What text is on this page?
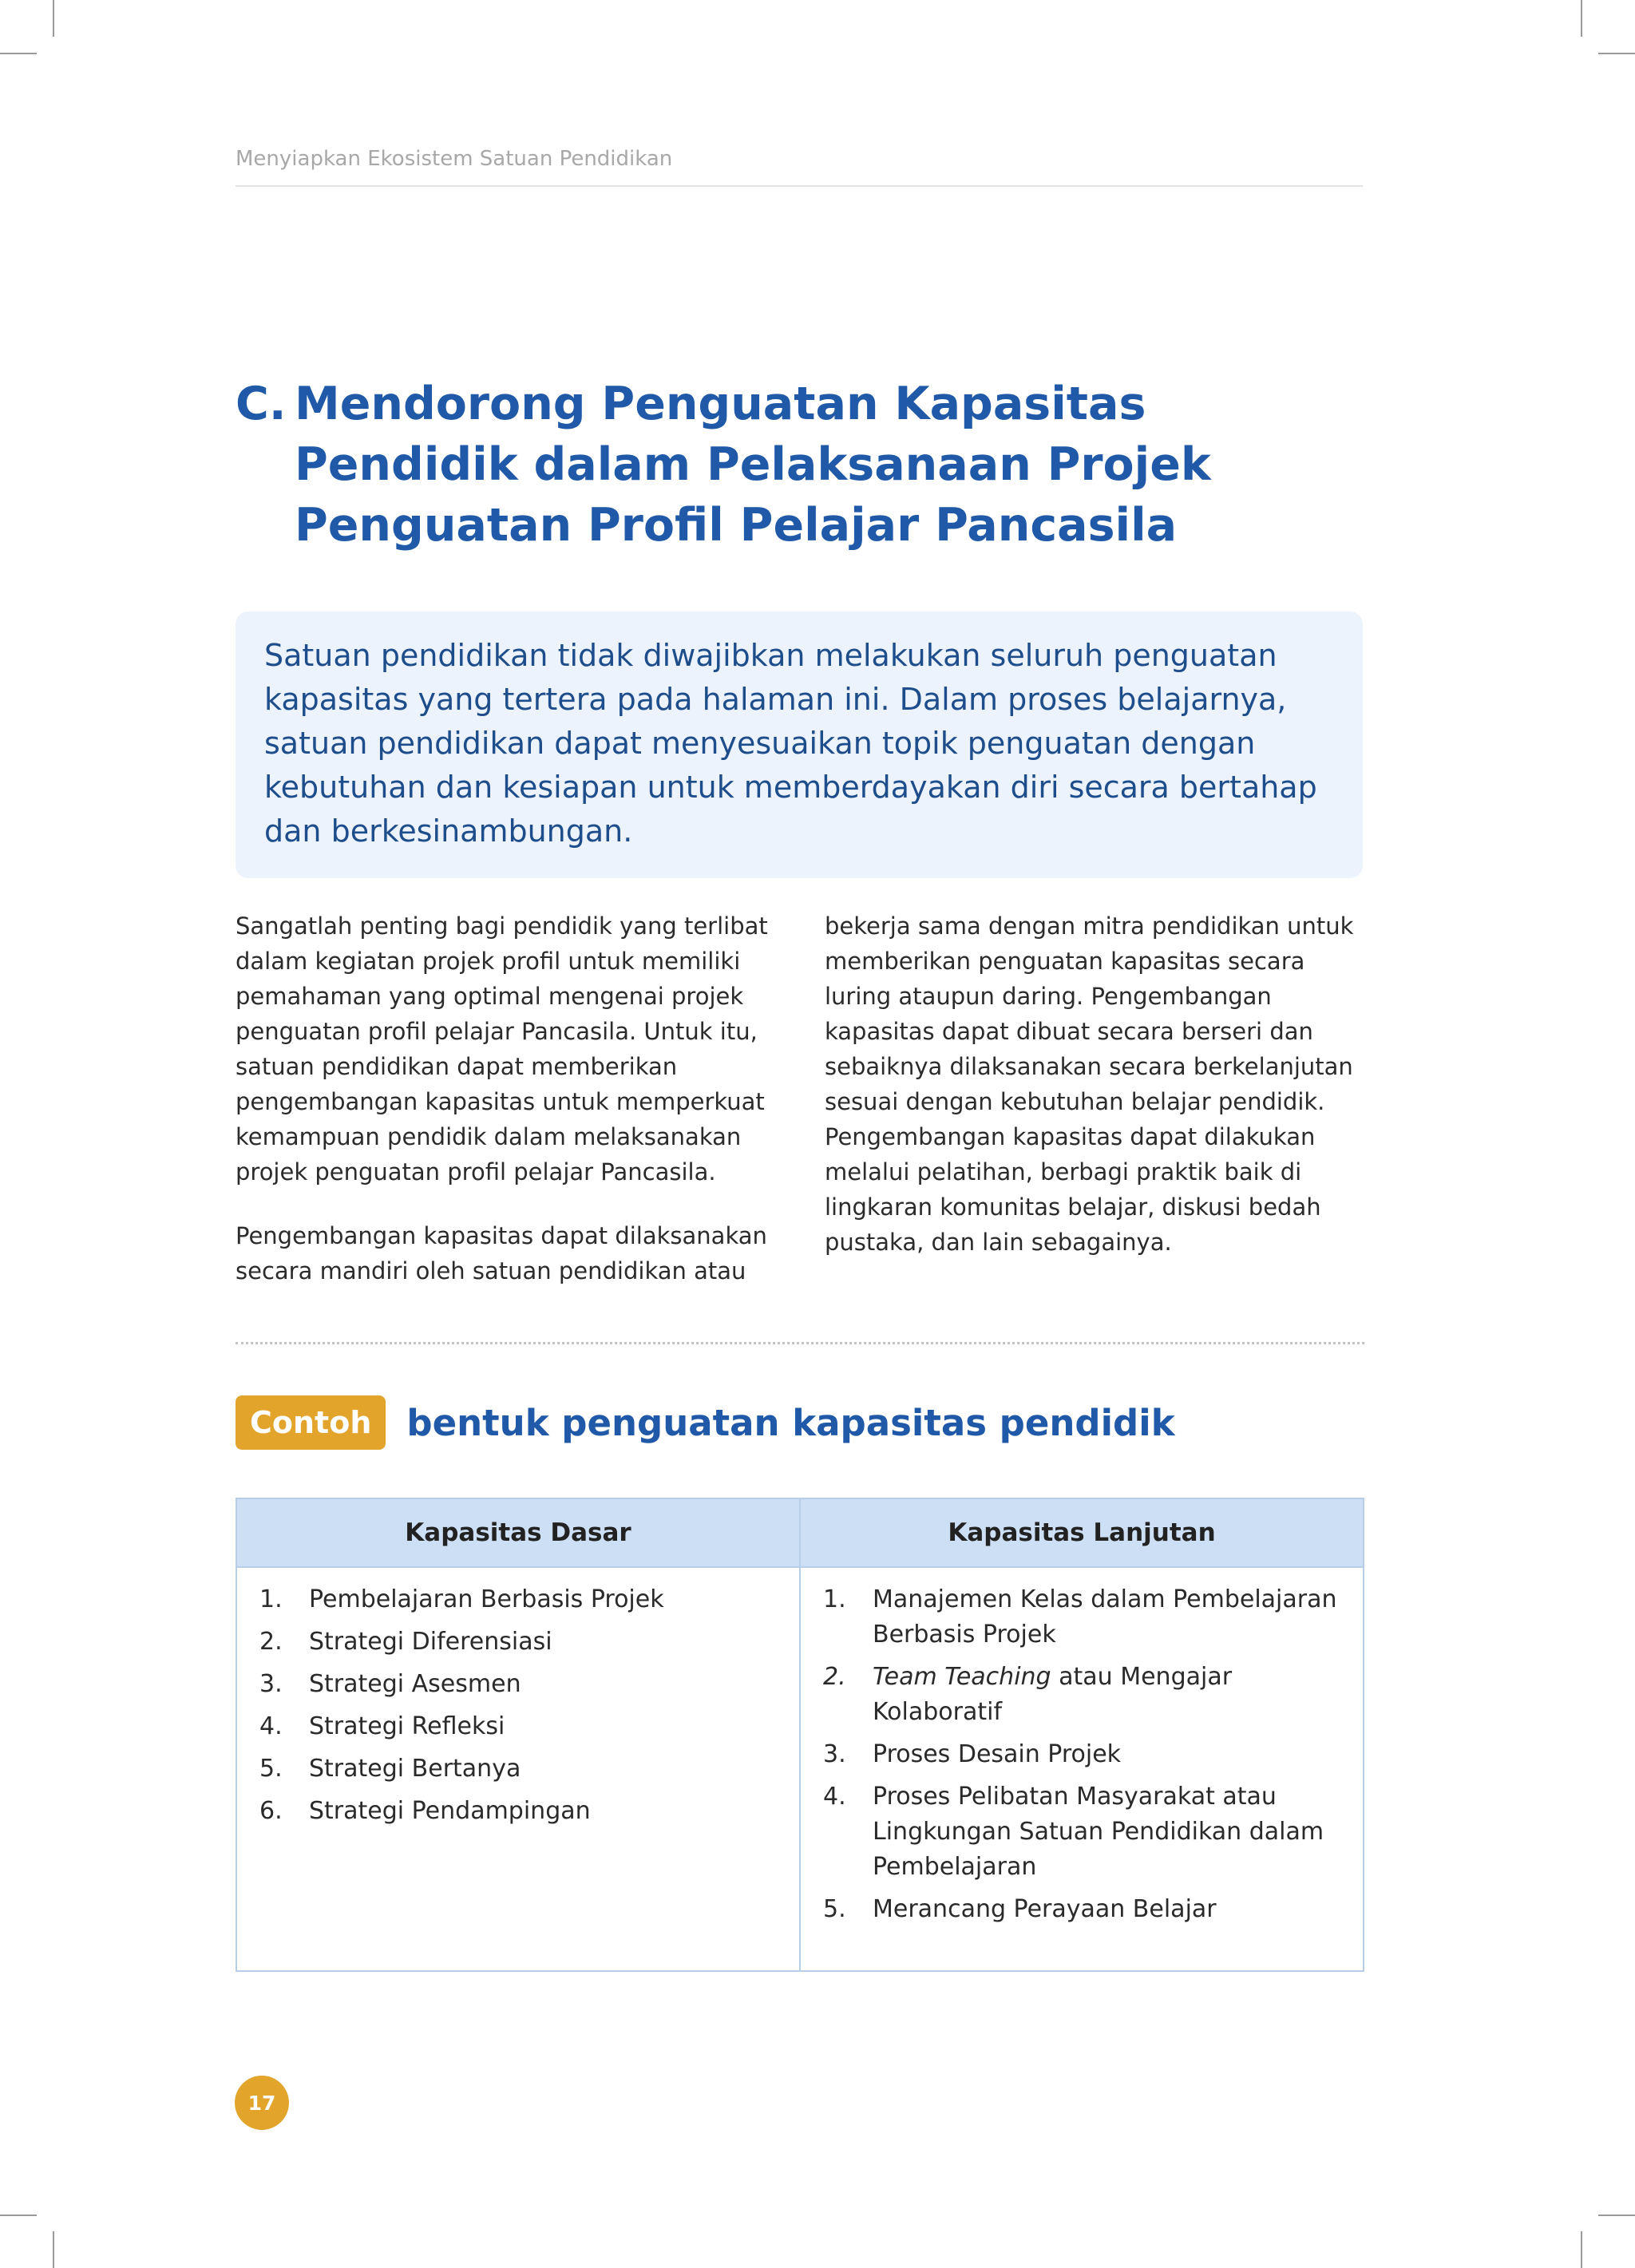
Menyiapkan Ekosistem Satuan Pendidikan
C. Mendorong Penguatan Kapasitas Pendidik dalam Pelaksanaan Projek Penguatan Profil Pelajar Pancasila
Satuan pendidikan tidak diwajibkan melakukan seluruh penguatan kapasitas yang tertera pada halaman ini. Dalam proses belajarnya, satuan pendidikan dapat menyesuaikan topik penguatan dengan kebutuhan dan kesiapan untuk memberdayakan diri secara bertahap dan berkesinambungan.

Sangatlah penting bagi pendidik yang terlibat dalam kegiatan projek profil untuk memiliki pemahaman yang optimal mengenai projek penguatan profil pelajar Pancasila. Untuk itu, satuan pendidikan dapat memberikan pengembangan kapasitas untuk memperkuat kemampuan pendidik dalam melaksanakan projek penguatan profil pelajar Pancasila.

Pengembangan kapasitas dapat dilaksanakan secara mandiri oleh satuan pendidikan atau

bekerja sama dengan mitra pendidikan untuk memberikan penguatan kapasitas secara luring ataupun daring. Pengembangan kapasitas dapat dibuat secara berseri dan sebaiknya dilaksanakan secara berkelanjutan sesuai dengan kebutuhan belajar pendidik. Pengembangan kapasitas dapat dilakukan melalui pelatihan, berbagi praktik baik di lingkaran komunitas belajar, diskusi bedah pustaka, dan lain sebagainya.

Contoh bentuk penguatan kapasitas pendidik
Kapasitas Dasar	Kapasitas Lanjutan
1.	Pembelajaran Berbasis Projek
2.	Strategi Diferensiasi
3.	Strategi Asesmen
4.	Strategi Refleksi
5.	Strategi Bertanya
6.	Strategi Pendampingan
1.	Manajemen Kelas dalam Pembelajaran Berbasis Projek
2.	Team Teaching atau Mengajar Kolaboratif
3.	Proses Desain Projek
4.	Proses Pelibatan Masyarakat atau Lingkungan Satuan Pendidikan dalam Pembelajaran
5.	Merancang Perayaan Belajar
17
